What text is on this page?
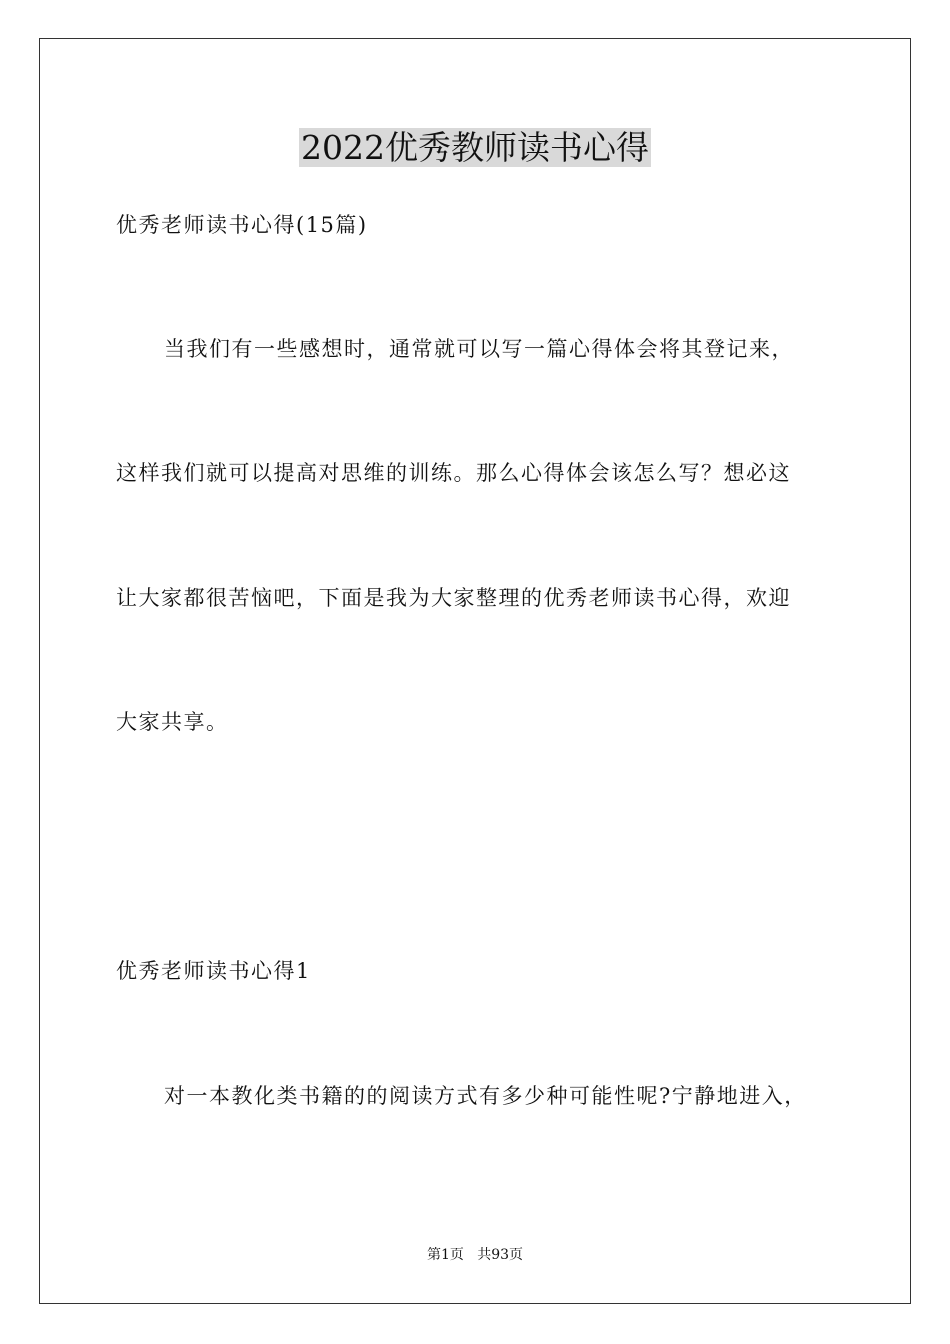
2022优秀教师读书心得

优秀老师读书心得(15篇)

当我们有一些感想时，通常就可以写一篇心得体会将其登记来，

这样我们就可以提高对思维的训练。那么心得体会该怎么写？想必这

让大家都很苦恼吧，下面是我为大家整理的优秀老师读书心得，欢迎

大家共享。

优秀老师读书心得1

对一本教化类书籍的的阅读方式有多少种可能性呢?宁静地进入，

第1页   共93页
